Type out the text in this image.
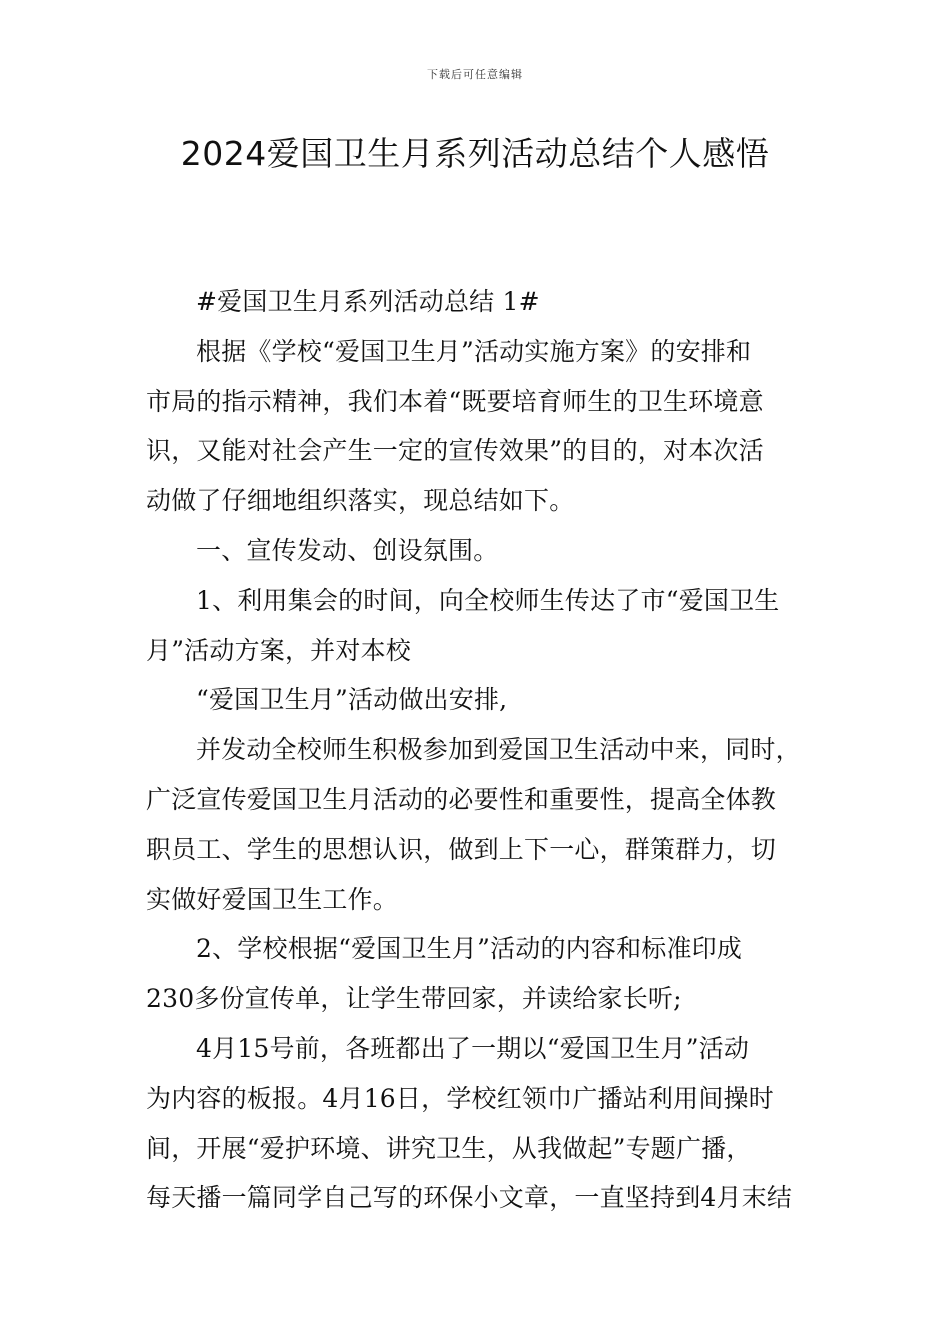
下载后可任意编辑
2024爱国卫生月系列活动总结个人感悟
#爱国卫生月系列活动总结 1#
根据《学校“爱国卫生月”活动实施方案》的安排和
市局的指示精神，我们本着“既要培育师生的卫生环境意
识，又能对社会产生一定的宣传效果”的目的，对本次活
动做了仔细地组织落实，现总结如下。
一、宣传发动、创设氛围。
1、利用集会的时间，向全校师生传达了市“爱国卫生
月”活动方案，并对本校
“爱国卫生月”活动做出安排,
并发动全校师生积极参加到爱国卫生活动中来，同时，
广泛宣传爱国卫生月活动的必要性和重要性，提高全体教
职员工、学生的思想认识，做到上下一心，群策群力，切
实做好爱国卫生工作。
2、学校根据“爱国卫生月”活动的内容和标准印成
230多份宣传单，让学生带回家，并读给家长听;
4月15号前，各班都出了一期以“爱国卫生月”活动
为内容的板报。4月16日，学校红领巾广播站利用间操时
间，开展“爱护环境、讲究卫生，从我做起”专题广播，
每天播一篇同学自己写的环保小文章，一直坚持到4月末结
